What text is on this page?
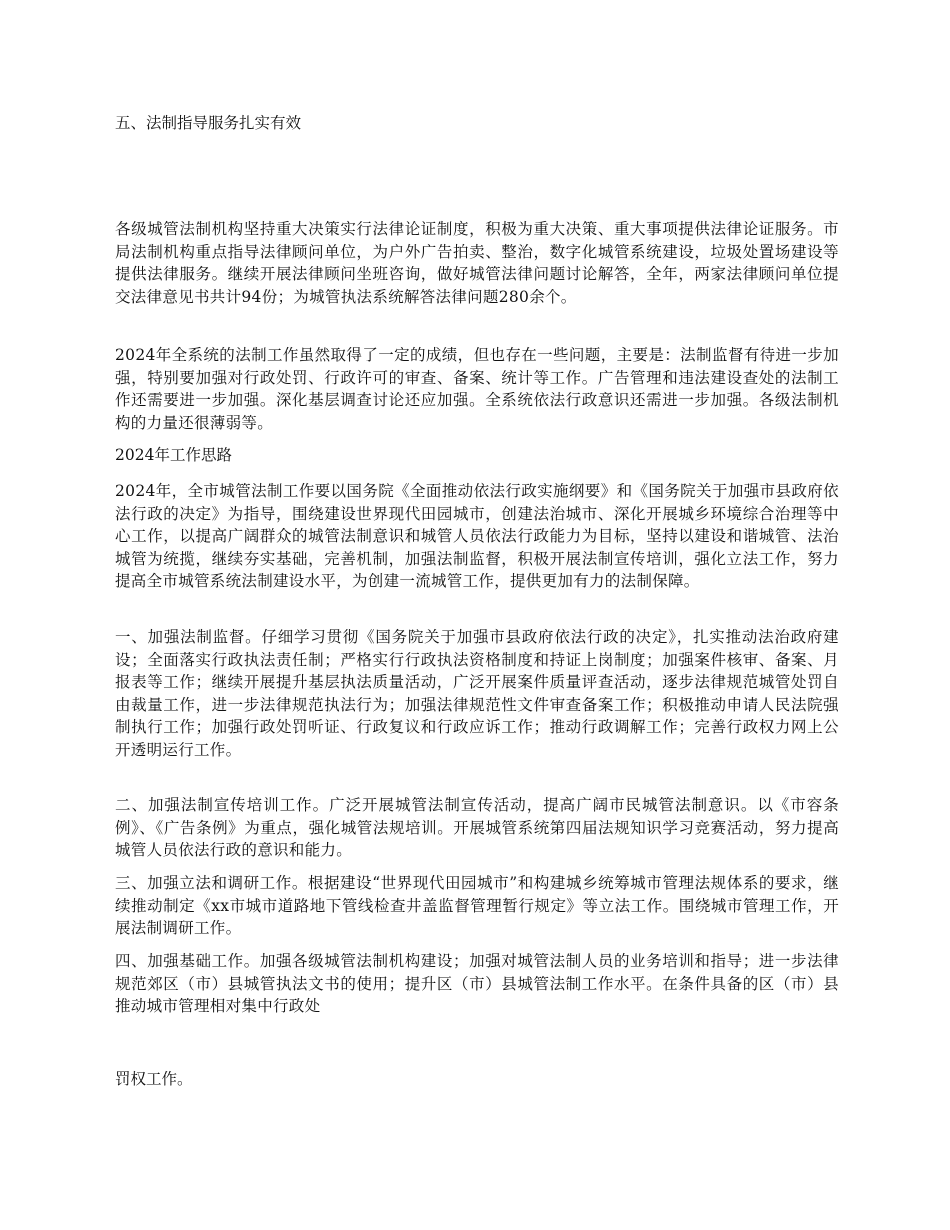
五、法制指导服务扎实有效

各级城管法制机构坚持重大决策实行法律论证制度，积极为重大决策、重大事项提供法律论证服务。市局法制机构重点指导法律顾问单位，为户外广告拍卖、整治，数字化城管系统建设，垃圾处置场建设等提供法律服务。继续开展法律顾问坐班咨询，做好城管法律问题讨论解答，全年，两家法律顾问单位提交法律意见书共计94份；为城管执法系统解答法律问题280余个。

2024年全系统的法制工作虽然取得了一定的成绩，但也存在一些问题，主要是：法制监督有待进一步加强，特别要加强对行政处罚、行政许可的审查、备案、统计等工作。广告管理和违法建设查处的法制工作还需要进一步加强。深化基层调查讨论还应加强。全系统依法行政意识还需进一步加强。各级法制机构的力量还很薄弱等。

2024年工作思路

2024年，全市城管法制工作要以国务院《全面推动依法行政实施纲要》和《国务院关于加强市县政府依法行政的决定》为指导，围绕建设世界现代田园城市，创建法治城市、深化开展城乡环境综合治理等中心工作，以提高广阔群众的城管法制意识和城管人员依法行政能力为目标，坚持以建设和谐城管、法治城管为统揽，继续夯实基础，完善机制，加强法制监督，积极开展法制宣传培训，强化立法工作，努力提高全市城管系统法制建设水平，为创建一流城管工作，提供更加有力的法制保障。

一、加强法制监督。仔细学习贯彻《国务院关于加强市县政府依法行政的决定》，扎实推动法治政府建设；全面落实行政执法责任制；严格实行行政执法资格制度和持证上岗制度；加强案件核审、备案、月报表等工作；继续开展提升基层执法质量活动，广泛开展案件质量评查活动，逐步法律规范城管处罚自由裁量工作，进一步法律规范执法行为；加强法律规范性文件审查备案工作；积极推动申请人民法院强制执行工作；加强行政处罚听证、行政复议和行政应诉工作；推动行政调解工作；完善行政权力网上公开透明运行工作。

二、加强法制宣传培训工作。广泛开展城管法制宣传活动，提高广阔市民城管法制意识。以《市容条例》、《广告条例》为重点，强化城管法规培训。开展城管系统第四届法规知识学习竞赛活动，努力提高城管人员依法行政的意识和能力。

三、加强立法和调研工作。根据建设“世界现代田园城市”和构建城乡统筹城市管理法规体系的要求，继续推动制定《xx市城市道路地下管线检查井盖监督管理暂行规定》等立法工作。围绕城市管理工作，开展法制调研工作。

四、加强基础工作。加强各级城管法制机构建设；加强对城管法制人员的业务培训和指导；进一步法律规范郊区（市）县城管执法文书的使用；提升区（市）县城管法制工作水平。在条件具备的区（市）县推动城市管理相对集中行政处

罚权工作。
